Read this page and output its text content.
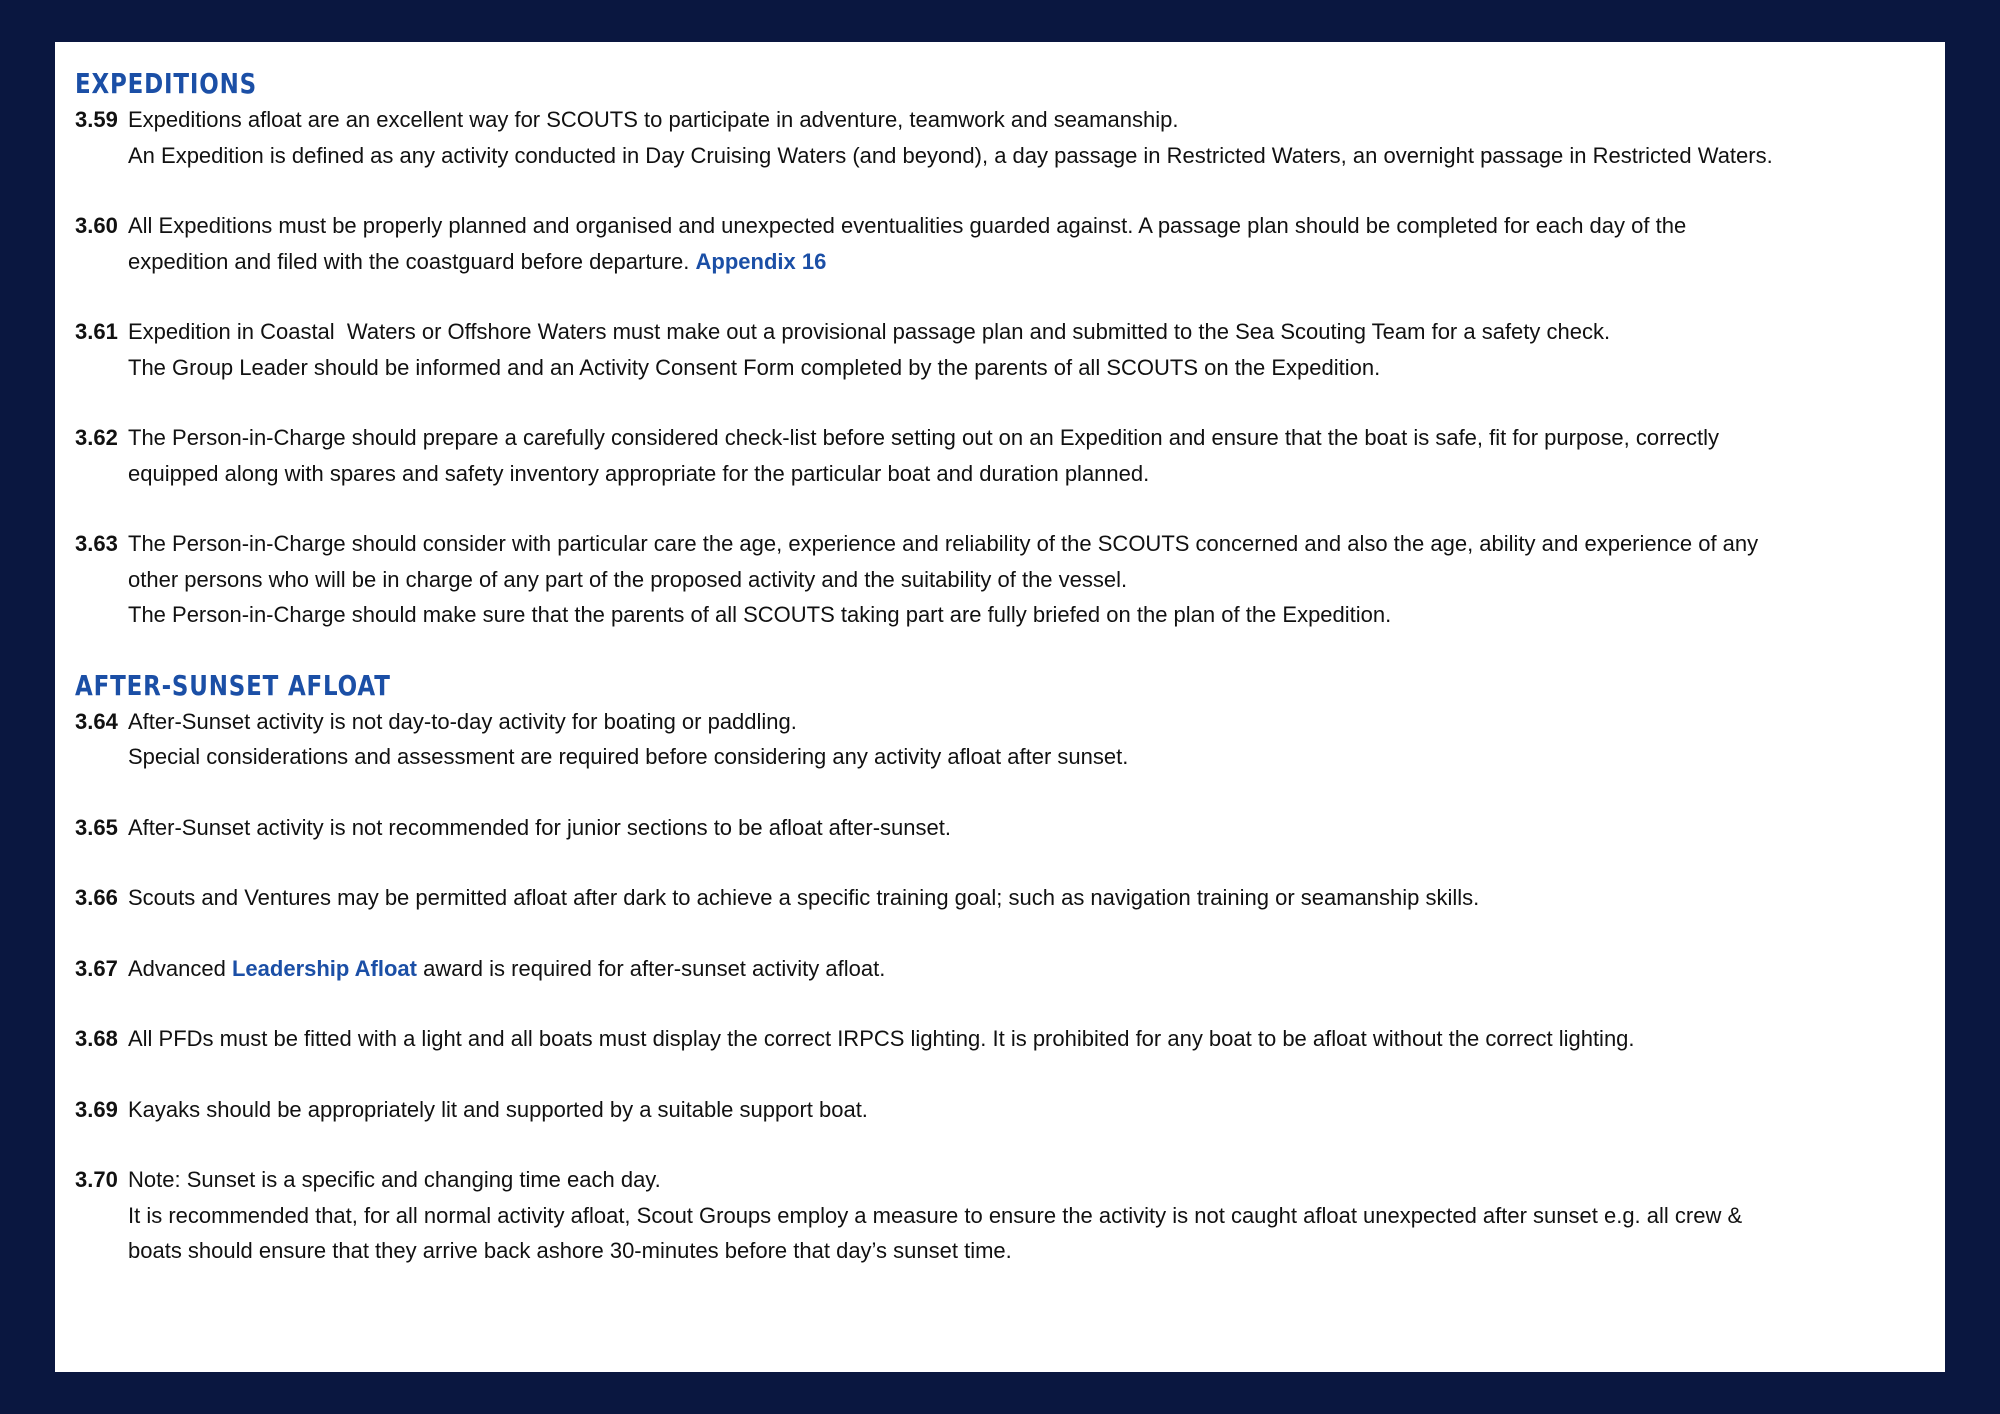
EXPEDITIONS

3.59 Expeditions afloat are an excellent way for SCOUTS to participate in adventure, teamwork and seamanship.
An Expedition is defined as any activity conducted in Day Cruising Waters (and beyond), a day passage in Restricted Waters, an overnight passage in Restricted Waters.

3.60 All Expeditions must be properly planned and organised and unexpected eventualities guarded against. A passage plan should be completed for each day of the
expedition and filed with the coastguard before departure. Appendix 16

3.61 Expedition in Coastal  Waters or Offshore Waters must make out a provisional passage plan and submitted to the Sea Scouting Team for a safety check.
The Group Leader should be informed and an Activity Consent Form completed by the parents of all SCOUTS on the Expedition.

3.62 The Person-in-Charge should prepare a carefully considered check-list before setting out on an Expedition and ensure that the boat is safe, fit for purpose, correctly
equipped along with spares and safety inventory appropriate for the particular boat and duration planned.

3.63 The Person-in-Charge should consider with particular care the age, experience and reliability of the SCOUTS concerned and also the age, ability and experience of any
other persons who will be in charge of any part of the proposed activity and the suitability of the vessel.
The Person-in-Charge should make sure that the parents of all SCOUTS taking part are fully briefed on the plan of the Expedition.

AFTER-SUNSET AFLOAT

3.64 After-Sunset activity is not day-to-day activity for boating or paddling.
Special considerations and assessment are required before considering any activity afloat after sunset.

3.65 After-Sunset activity is not recommended for junior sections to be afloat after-sunset.

3.66 Scouts and Ventures may be permitted afloat after dark to achieve a specific training goal; such as navigation training or seamanship skills.

3.67 Advanced Leadership Afloat award is required for after-sunset activity afloat.

3.68 All PFDs must be fitted with a light and all boats must display the correct IRPCS lighting. It is prohibited for any boat to be afloat without the correct lighting.

3.69 Kayaks should be appropriately lit and supported by a suitable support boat.

3.70 Note: Sunset is a specific and changing time each day.
It is recommended that, for all normal activity afloat, Scout Groups employ a measure to ensure the activity is not caught afloat unexpected after sunset e.g. all crew &
boats should ensure that they arrive back ashore 30-minutes before that day’s sunset time.
